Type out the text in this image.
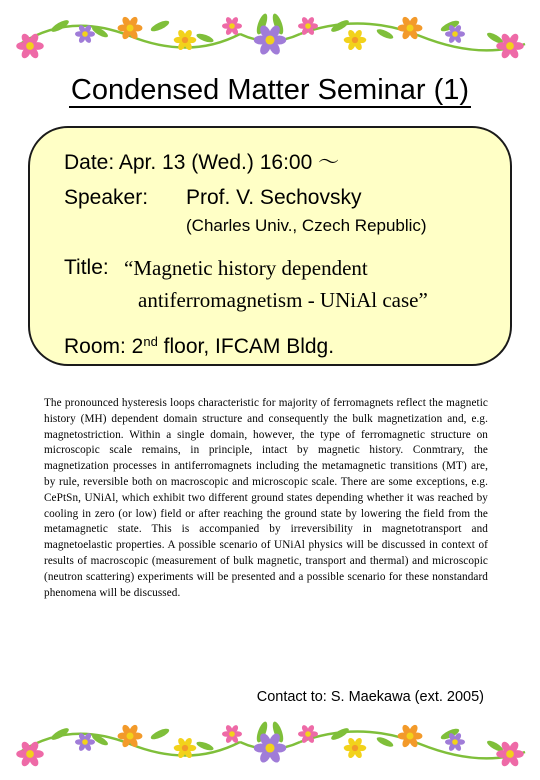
Condensed Matter Seminar (1)
Date: Apr. 13 (Wed.) 16:00 〜
Speaker: Prof. V. Sechovsky
(Charles Univ., Czech Republic)
Title: “Magnetic history dependent
antiferromagnetism - UNiAl case”
Room: 2nd floor, IFCAM Bldg.
The pronounced hysteresis loops characteristic for majority of ferromagnets reflect the magnetic history (MH) dependent domain structure and consequently the bulk magnetization and, e.g. magnetostriction. Within a single domain, however, the type of ferromagnetic structure on microscopic scale remains, in principle, intact by magnetic history. Conmtrary, the magnetization processes in antiferromagnets including the metamagnetic transitions (MT) are, by rule, reversible both on macroscopic and microscopic scale. There are some exceptions, e.g. CePtSn, UNiAl, which exhibit two different ground states depending whether it was reached by cooling in zero (or low) field or after reaching the ground state by lowering the field from the metamagnetic state. This is accompanied by irreversibility in magnetotransport and magnetoelastic properties. A possible scenario of UNiAl physics will be discussed in context of results of macroscopic (measurement of bulk magnetic, transport and thermal) and microscopic (neutron scattering) experiments will be presented and a possible scenario for these nonstandard phenomena will be discussed.
Contact to: S. Maekawa (ext. 2005)
